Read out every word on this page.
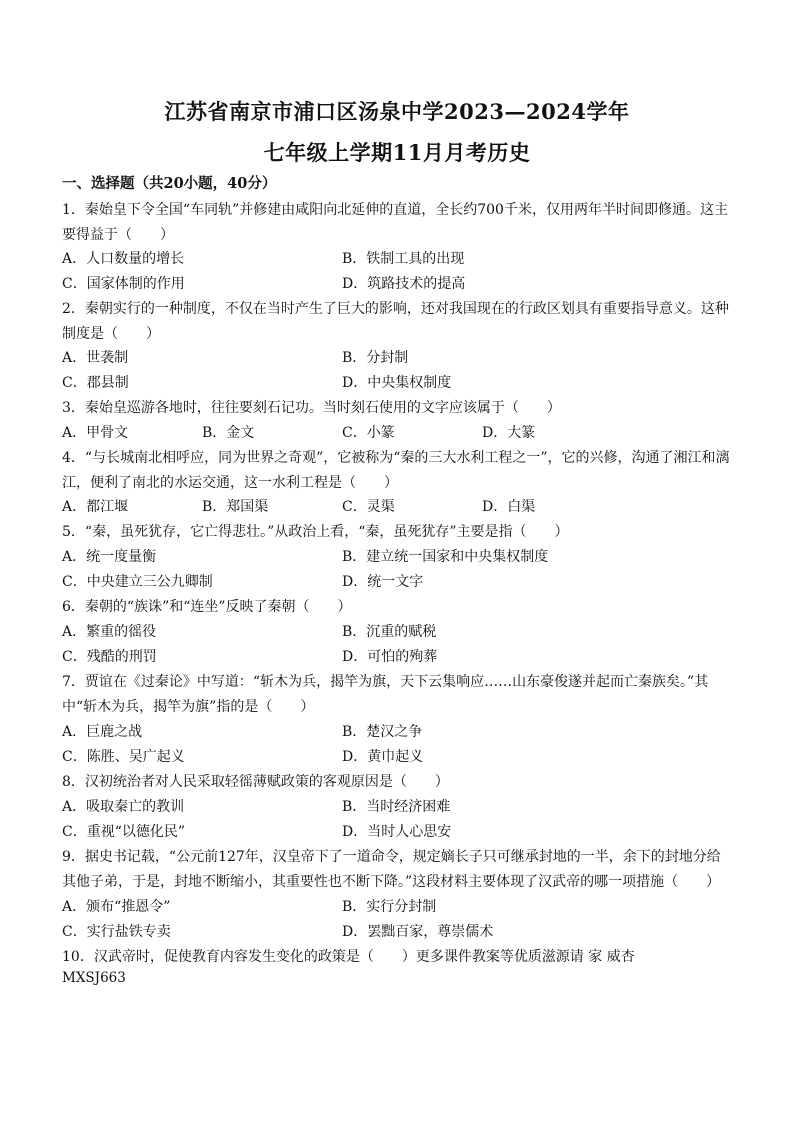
江苏省南京市浦口区汤泉中学2023—2024学年
七年级上学期11月月考历史
一、选择题（共20小题，40分）
1．秦始皇下令全国“车同轨”并修建由咸阳向北延伸的直道，全长约700千米，仅用两年半时间即修通。这主要得益于（　　）
A．人口数量的增长	B．铁制工具的出现
C．国家体制的作用	D．筑路技术的提高
2．秦朝实行的一种制度，不仅在当时产生了巨大的影响，还对我国现在的行政区划具有重要指导意义。这种制度是（　　）
A．世袭制	B．分封制
C．郡县制	D．中央集权制度
3．秦始皇巡游各地时，往往要刻石记功。当时刻石使用的文字应该属于（　　）
A．甲骨文	B．金文	C．小篆	D．大篆
4．“与长城南北相呼应，同为世界之奇观”，它被称为“秦的三大水利工程之一”，它的兴修，沟通了湘江和漓江，便利了南北的水运交通，这一水利工程是（　　）
A．都江堰	B．郑国渠	C．灵渠	D．白渠
5．“秦，虽死犹存，它亡得悲壮。”从政治上看，“秦，虽死犹存”主要是指（　　）
A．统一度量衡	B．建立统一国家和中央集权制度
C．中央建立三公九卿制	D．统一文字
6．秦朝的“族诛”和“连坐”反映了秦朝（　　）
A．繁重的徭役	B．沉重的赋税
C．残酷的刑罚	D．可怕的殉葬
7．贾谊在《过秦论》中写道：“斩木为兵，揭竿为旗，天下云集响应……山东豪俊遂并起而亡秦族矣。”其中“斩木为兵，揭竿为旗”指的是（　　）
A．巨鹿之战	B．楚汉之争
C．陈胜、吴广起义	D．黄巾起义
8．汉初统治者对人民采取轻徭薄赋政策的客观原因是（　　）
A．吸取秦亡的教训	B．当时经济困难
C．重视“以德化民”	D．当时人心思安
9．据史书记载，“公元前127年，汉皇帝下了一道命令，规定嫡长子只可继承封地的一半，余下的封地分给其他子弟，于是，封地不断缩小，其重要性也不断下降。”这段材料主要体现了汉武帝的哪一项措施（　　）
A．颁布“推恩令”	B．实行分封制
C．实行盐铁专卖	D．罢黜百家，尊崇儒术
10．汉武帝时，促使教育内容发生变化的政策是（　　）更多课件教案等优质滋源请 家 威杏
MXSJ663
